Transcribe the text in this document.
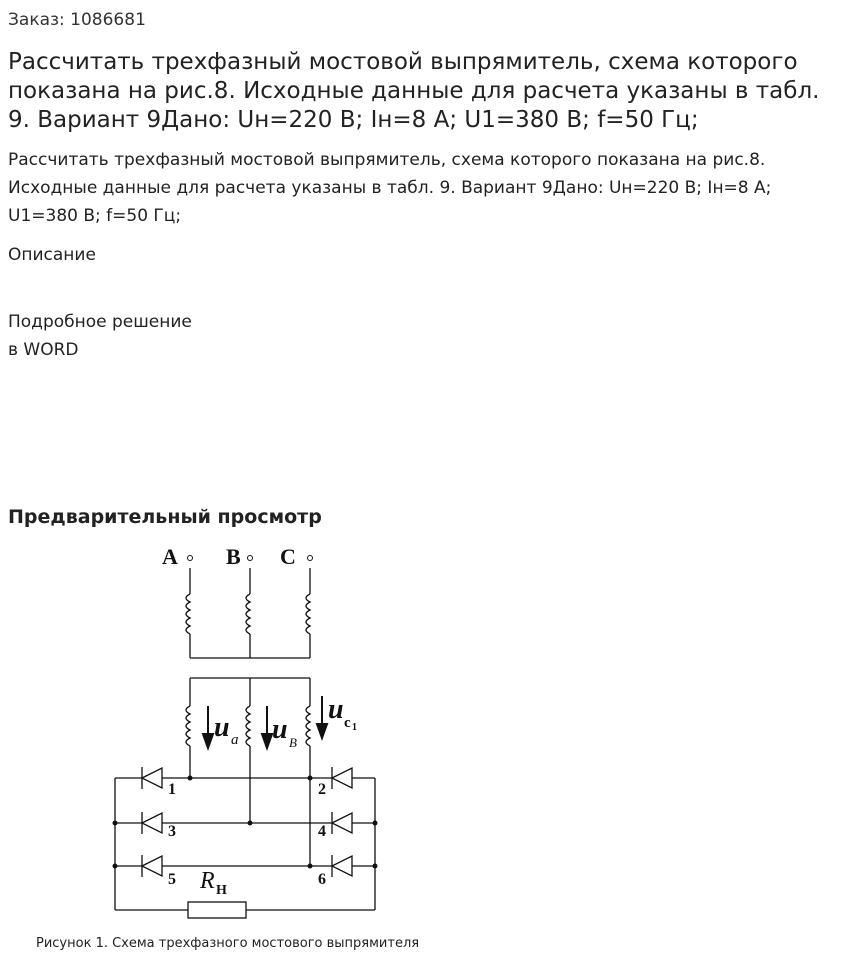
Заказ: 1086681
Рассчитать трехфазный мостовой выпрямитель, схема которого показана на рис.8. Исходные данные для расчета указаны в табл. 9. Вариант 9Дано: Uн=220 В; Iн=8 А; U1=380 В; f=50 Гц;

Рассчитать трехфазный мостовой выпрямитель, схема которого показана на рис.8. Исходные данные для расчета указаны в табл. 9. Вариант 9Дано: Uн=220 В; Iн=8 А; U1=380 В; f=50 Гц;

Описание
Подробное решение
в WORD
Предварительный просмотр
A B C
u a u B
u c 1
1	2
3	4
5	6
R Н
Рисунок 1. Схема трехфазного мостового выпрямителя
